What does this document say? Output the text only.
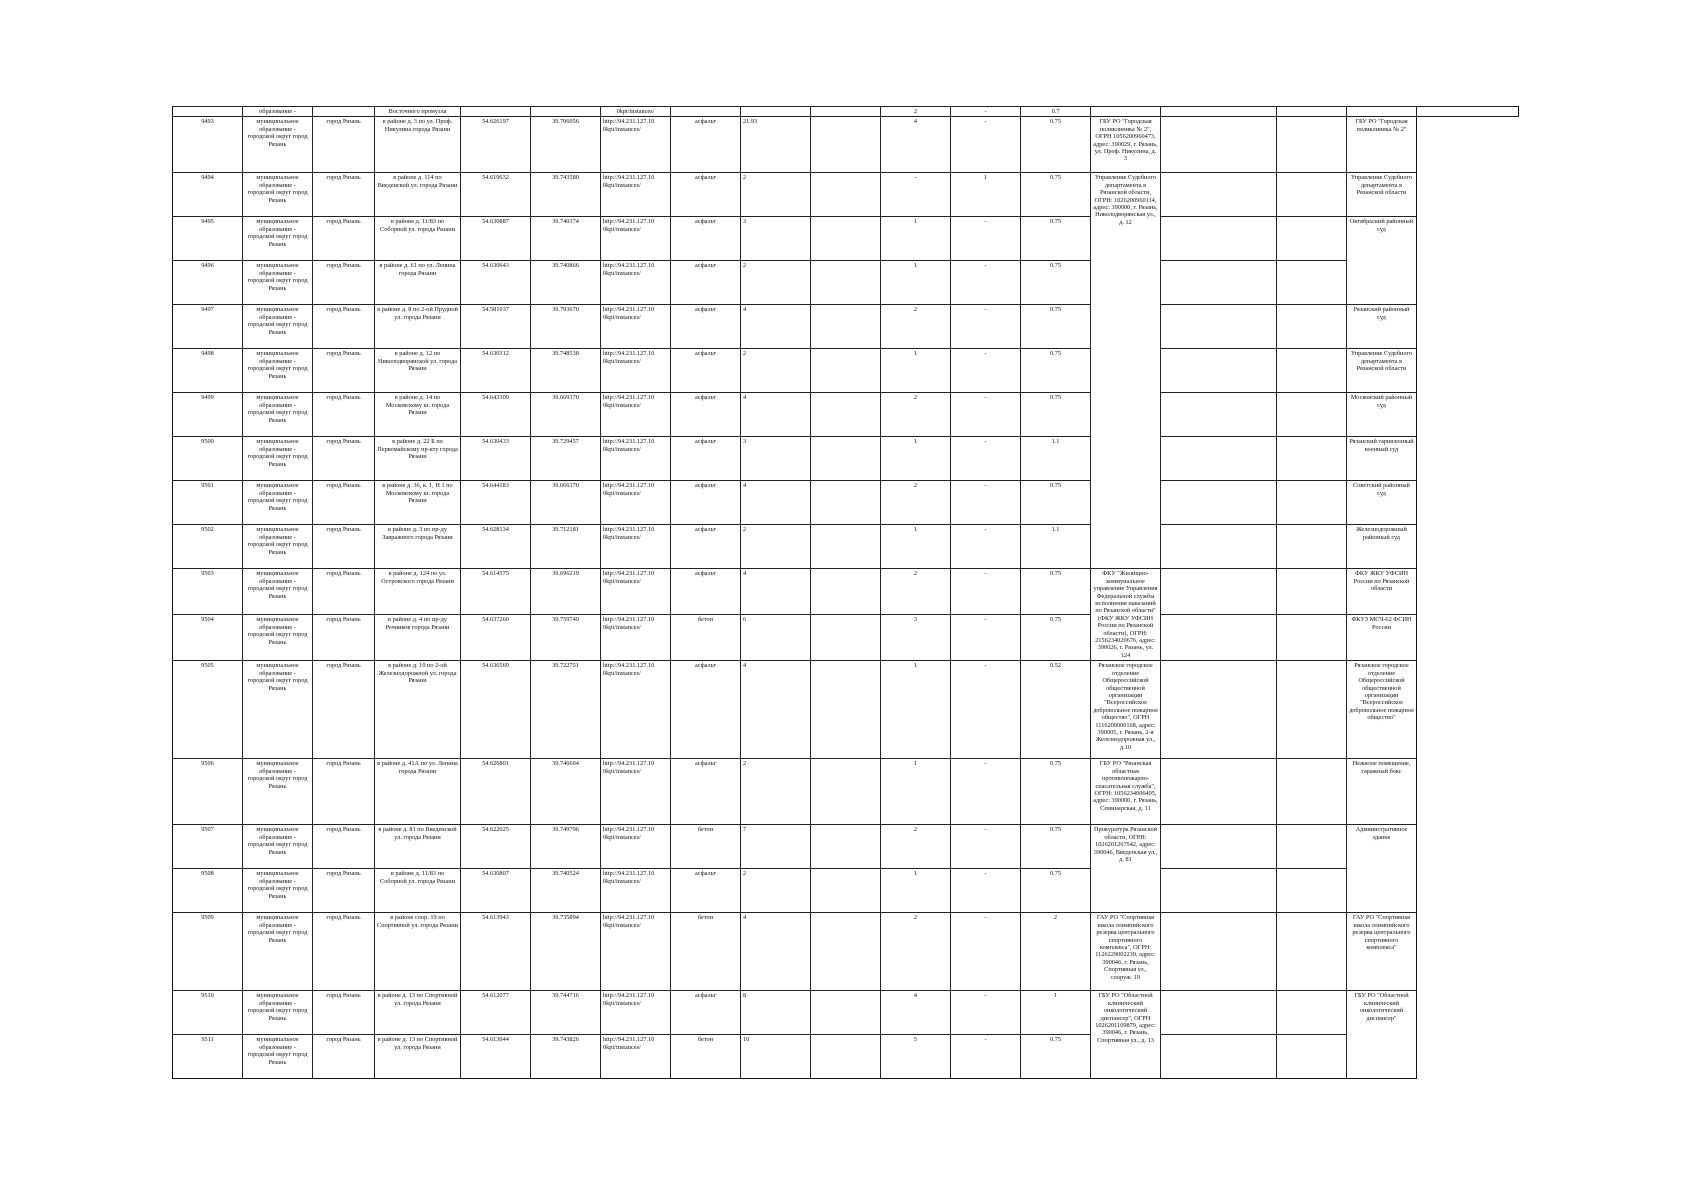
	образование -		Восточного промузла			0kpt/instances/				2	-	0.7					
9493	муниципальное образование - городской округ город Рязань	город Рязань	в районе д. 3 по ул. Проф. Никулина города Рязани	54.626197	39.706956	http://94.231.127.10 0kpt/instances/	асфальт	21.93		4	-	0.75	ГБУ РО "Городская поликлиника № 2", ОГРН 1056200960473, адрес: 390029, г. Рязань, ул. Проф. Никулина, д. 3			ГБУ РО "Городская поликлиника № 2"	
9494	муниципальное образование - городской округ город Рязань	город Рязань	в районе д. 114 по Введенской ул. города Рязани	54.619632	39.743580	http://94.231.127.10 0kpt/instances/	асфальт	2		-	1	0.75	Управление Судебного департамента в Рязанской области, ОГРН: 1026200960114, адрес: 390000, г. Рязань, Николодворянская ул., д. 12			Управление Судебного департамента в Рязанской области	
9495	муниципальное образование - городской округ город Рязань	город Рязань	в районе д. 11/83 по Соборной ул. города Рязани	54.630887	39.740374	http://94.231.127.10 0kpt/instances/	асфальт	3		1	-	0.75				Октябрьский районный суд	
9496	муниципальное образование - городской округ город Рязань	город Рязань	в районе д. 61 по ул. Ленина города Рязани	54.630643	39.740866	http://94.231.127.10 0kpt/instances/	асфальт	2		1	-	0.75					
9497	муниципальное образование - городской округ город Рязань	город Рязань	в районе д. 8 по 2-ой Прудной ул. города Рязани	54.581037	39.793670	http://94.231.127.10 0kpt/instances/	асфальт	4		2	-	0.75				Рязанский районный суд	
9498	муниципальное образование - городской округ город Рязань	город Рязань	в районе д. 12 по Николодворянской ул. города Рязани	54.630312	39.748538	http://94.231.127.10 0kpt/instances/	асфальт	2		1	-	0.75				Управление Судебного департамента в Рязанской области	
9499	муниципальное образование - городской округ город Рязань	город Рязань	в районе д. 14 по Московскому ш. города Рязани	54.643309	39.669370	http://94.231.127.10 0kpt/instances/	асфальт	4		2	-	0.75				Московский районный суд	
9500	муниципальное образование - городской округ город Рязань	город Рязань	в районе д. 22 Б по Первомайскому пр-кту города Рязани	54.630433	39.729457	http://94.231.127.10 0kpt/instances/	асфальт	3		1	-	1.1				Рязанский гарнизонный военный суд	
9501	муниципальное образование - городской округ город Рязань	город Рязань	в районе д. 36, к. 1, Н 1 по Московскому ш. города Рязани	54.644183	39.666370	http://94.231.127.10 0kpt/instances/	асфальт	4		2	-	0.75				Советский районный суд	
9502	муниципальное образование - городской округ город Рязань	город Рязань	в районе д. 3 по пр-ду Завражного города Рязани	54.628134	39.712181	http://94.231.127.10 0kpt/instances/	асфальт	2		1	-	1.1				Железнодорожный районный суд	
9503	муниципальное образование - городской округ город Рязань	город Рязань	в районе д. 124 по ул. Островского города Рязани	54.614575	39.696219	http://94.231.127.10 0kpt/instances/	асфальт	4		2	-	0.75	ФКУ "Жилищно-коммунальное управление Управления Федеральной службы исполнения наказаний по Рязанской области" (ФКУ ЖКУ УФСИН России по Рязанской области), ОГРН: 2156234020676, адрес: 390026, г. Рязань, ул. 124			ФКУ ЖКУ УФСИН России по Рязанской области	
9504	муниципальное образование - городской округ город Рязань	город Рязань	в районе д. 4 по пр-ду Речников города Рязани	54.637260	39.759749	http://94.231.127.10 0kpt/instances/	бетон	6		3	-	0.75				ФКУЗ МСЧ-62 ФСИН России	
9505	муниципальное образование - городской округ город Рязань	город Рязань	в районе д. 10 по 2-ой Железнодорожной ул. города Рязани	54.636569	39.722751	http://94.231.127.10 0kpt/instances/	асфальт	4		1	-	0.52	Рязанское городское отделение Общероссийской общественной организации "Всероссийское добровольное пожарное общество", ОГРН 1116200000168, адрес: 390005, г. Рязань, 2-я Железнодорожная ул., д.10			Рязанское городское отделение Общероссийской общественной организации "Всероссийское добровольное пожарное общество"	
9506	муниципальное образование - городской округ город Рязань	город Рязань	в районе д. 41А по ул. Ленина города Рязани	54.626801	39.746604	http://94.231.127.10 0kpt/instances/	асфальт	2		1	-	0.75	ГБУ РО "Рязанская областная противопожарно-спасательная служба", ОГРН: 1056234006495, адрес: 390000, г. Рязань, Семинарская, д. 11			Нежилое помещение, гаражный бокс	
9507	муниципальное образование - городской округ город Рязань	город Рязань	в районе д. 81 по Введенской ул. города Рязани	54.622025	39.749796	http://94.231.127.10 0kpt/instances/	бетон	7		2	-	0.75	Прокуратура Рязанской области, ОГРН: 1026201267542, адрес: 390046, Введенская ул., д. 81			Административное здание	
9508	муниципальное образование - городской округ город Рязань	город Рязань	в районе д. 11/83 по Соборной ул. города Рязани	54.630807	39.740524	http://94.231.127.10 0kpt/instances/	асфальт	2		1	-	0.75					
9509	муниципальное образование - городской округ город Рязань	город Рязань	в районе соор. 19 по Спортивной ул. города Рязани	54.613943	39.735894	http://94.231.127.10 0kpt/instances/	бетон	4		2	-	2	ГАУ РО "Спортивная школа олимпийского резерва центрального спортивного комплекса", ОГРН: 1126229002239, адрес: 390046, г. Рязань, Спортивная ул., сооруж. 19			ГАУ РО "Спортивная школа олимпийского резерва центрального спортивного комплекса"	
9510	муниципальное образование - городской округ город Рязань	город Рязань	в районе д. 13 по Спортивной ул. города Рязани	54.612077	39.744716	http://94.231.127.10 0kpt/instances/	асфальт	8		4	-	1	ГБУ РО "Областной клинический онкологический диспансер", ОГРН 1026201109879, адрес: 390046, г. Рязань, Спортивная ул., д. 13			ГБУ РО "Областной клинический онкологический диспансер"	
9511	муниципальное образование - городской округ город Рязань	город Рязань	в районе д. 13 по Спортивной ул. города Рязани	54.613044	39.743826	http://94.231.127.10 0kpt/instances/	бетон	10		5	-	0.75					
